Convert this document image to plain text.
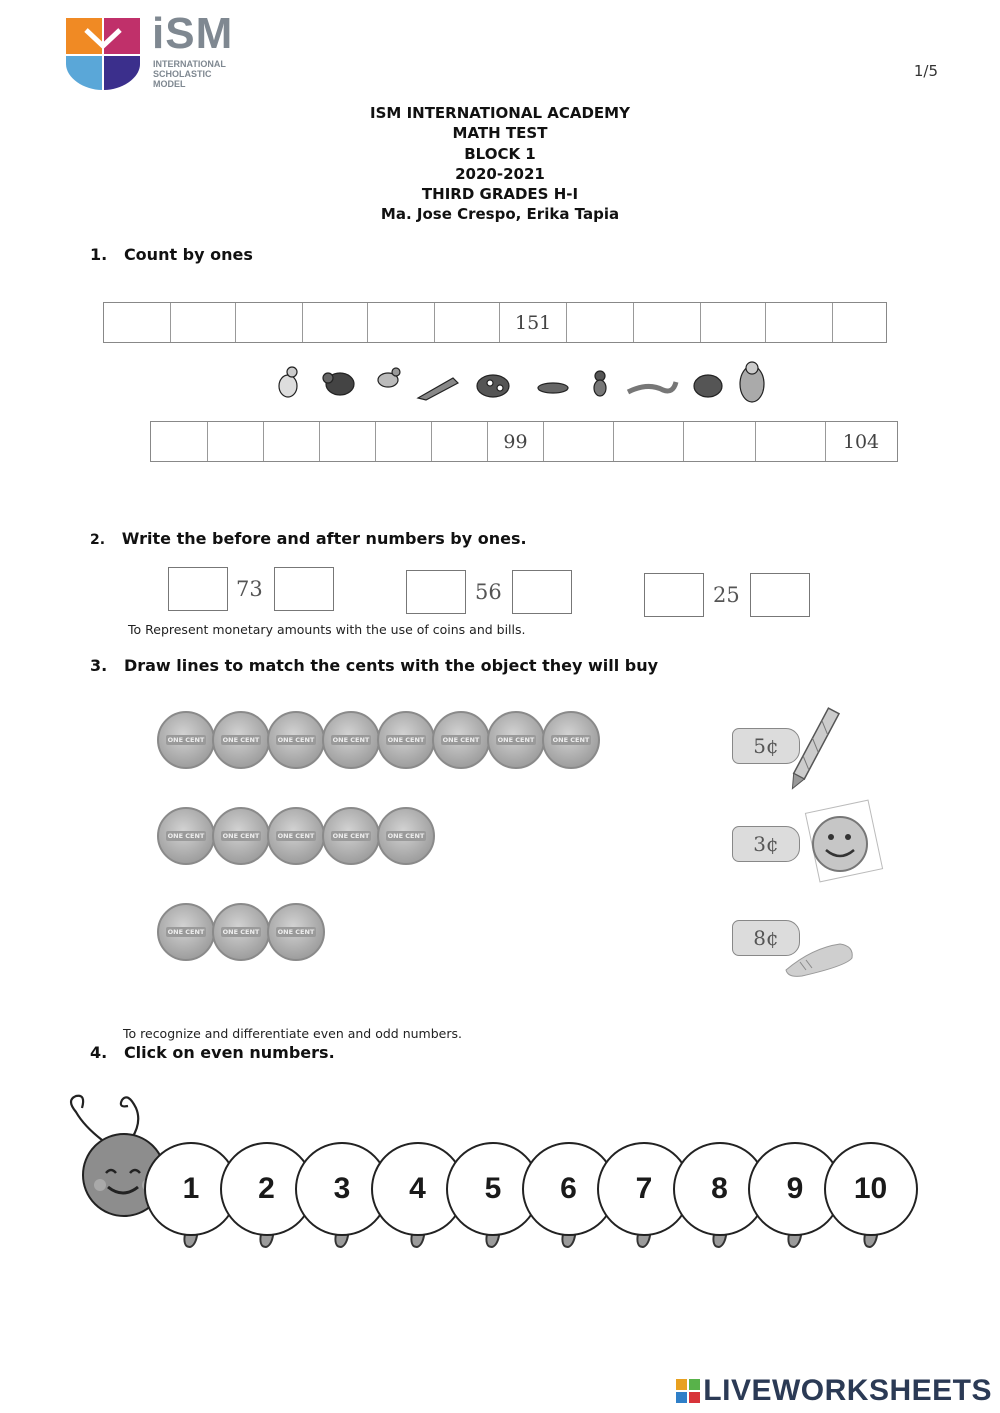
iSM
INTERNATIONAL
SCHOLASTIC
MODEL
1/5
ISM INTERNATIONAL ACADEMY
MATH TEST
BLOCK 1
2020-2021
THIRD GRADES H-I
Ma. Jose Crespo, Erika Tapia
1. Count by ones
151
99	104
2. Write the before and after numbers by ones.
73	56	25
To Represent monetary amounts with the use of coins and bills.
3. Draw lines to match the cents with the object they will buy
ONE CENT	ONE CENT	ONE CENT	ONE CENT	ONE CENT	ONE CENT	ONE CENT	ONE CENT
ONE CENT	ONE CENT	ONE CENT	ONE CENT	ONE CENT
ONE CENT	ONE CENT	ONE CENT
5¢
3¢
8¢
To recognize and differentiate even and odd numbers.
4. Click on even numbers.
1	2	3	4	5	6	7	8	9	10
LIVEWORKSHEETS
